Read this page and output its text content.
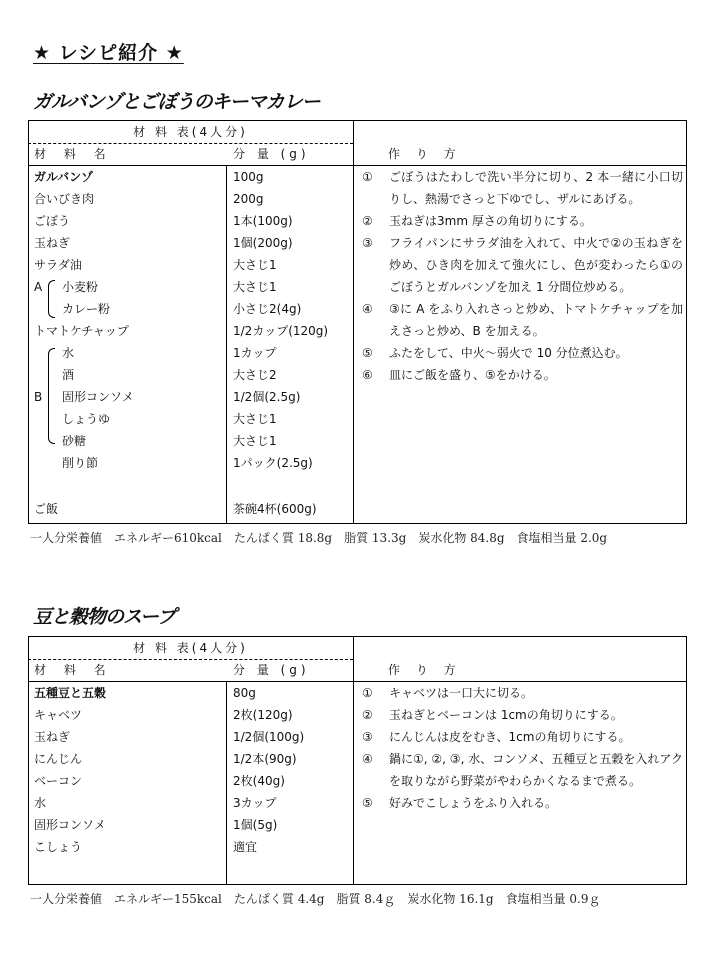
★ レシピ紹介 ★
ガルバンゾとごぼうのキーマカレー
材 料 表(4人分)
材 料 名	分 量 (g)	作 り 方
ガルバンゾ	100g
合いびき肉	200g
ごぼう	1本(100g)
玉ねぎ	1個(200g)
サラダ油	大さじ1
A 小麦粉	大さじ1
カレー粉	小さじ2(4g)
トマトケチャップ	1/2カップ(120g)
B
水	1カップ
酒	大さじ2
固形コンソメ	1/2個(2.5g)
しょうゆ	大さじ1
砂糖	大さじ1
削り節	1パック(2.5g)
ご飯	茶碗4杯(600g)
① ごぼうはたわしで洗い半分に切り、2 本一緒に小口切りし、熱湯でさっと下ゆでし、ザルにあげる。
② 玉ねぎは3mm 厚さの角切りにする。
③ フライパンにサラダ油を入れて、中火で②の玉ねぎを炒め、ひき肉を加えて強火にし、色が変わったら①のごぼうとガルバンゾを加え 1 分間位炒める。
④ ③に A をふり入れさっと炒め、トマトケチャップを加えさっと炒め、B を加える。
⑤ ふたをして、中火～弱火で 10 分位煮込む。
⑥ 皿にご飯を盛り、⑤をかける。
一人分栄養値　エネルギー610kcal　たんぱく質 18.8g　脂質 13.3g　炭水化物 84.8g　食塩相当量 2.0g
豆と穀物のスープ
材 料 表(4人分)
材 料 名	分 量 (g)	作 り 方
五種豆と五穀	80g
キャベツ	2枚(120g)
玉ねぎ	1/2個(100g)
にんじん	1/2本(90g)
ベーコン	2枚(40g)
水	3カップ
固形コンソメ	1個(5g)
こしょう	適宜
① キャベツは一口大に切る。
② 玉ねぎとベーコンは 1cmの角切りにする。
③ にんじんは皮をむき、1cmの角切りにする。
④ 鍋に①, ②, ③, 水、コンソメ、五種豆と五穀を入れアクを取りながら野菜がやわらかくなるまで煮る。
⑤ 好みでこしょうをふり入れる。
一人分栄養値　エネルギー155kcal　たんぱく質 4.4g　脂質 8.4ｇ　炭水化物 16.1g　食塩相当量 0.9ｇ
